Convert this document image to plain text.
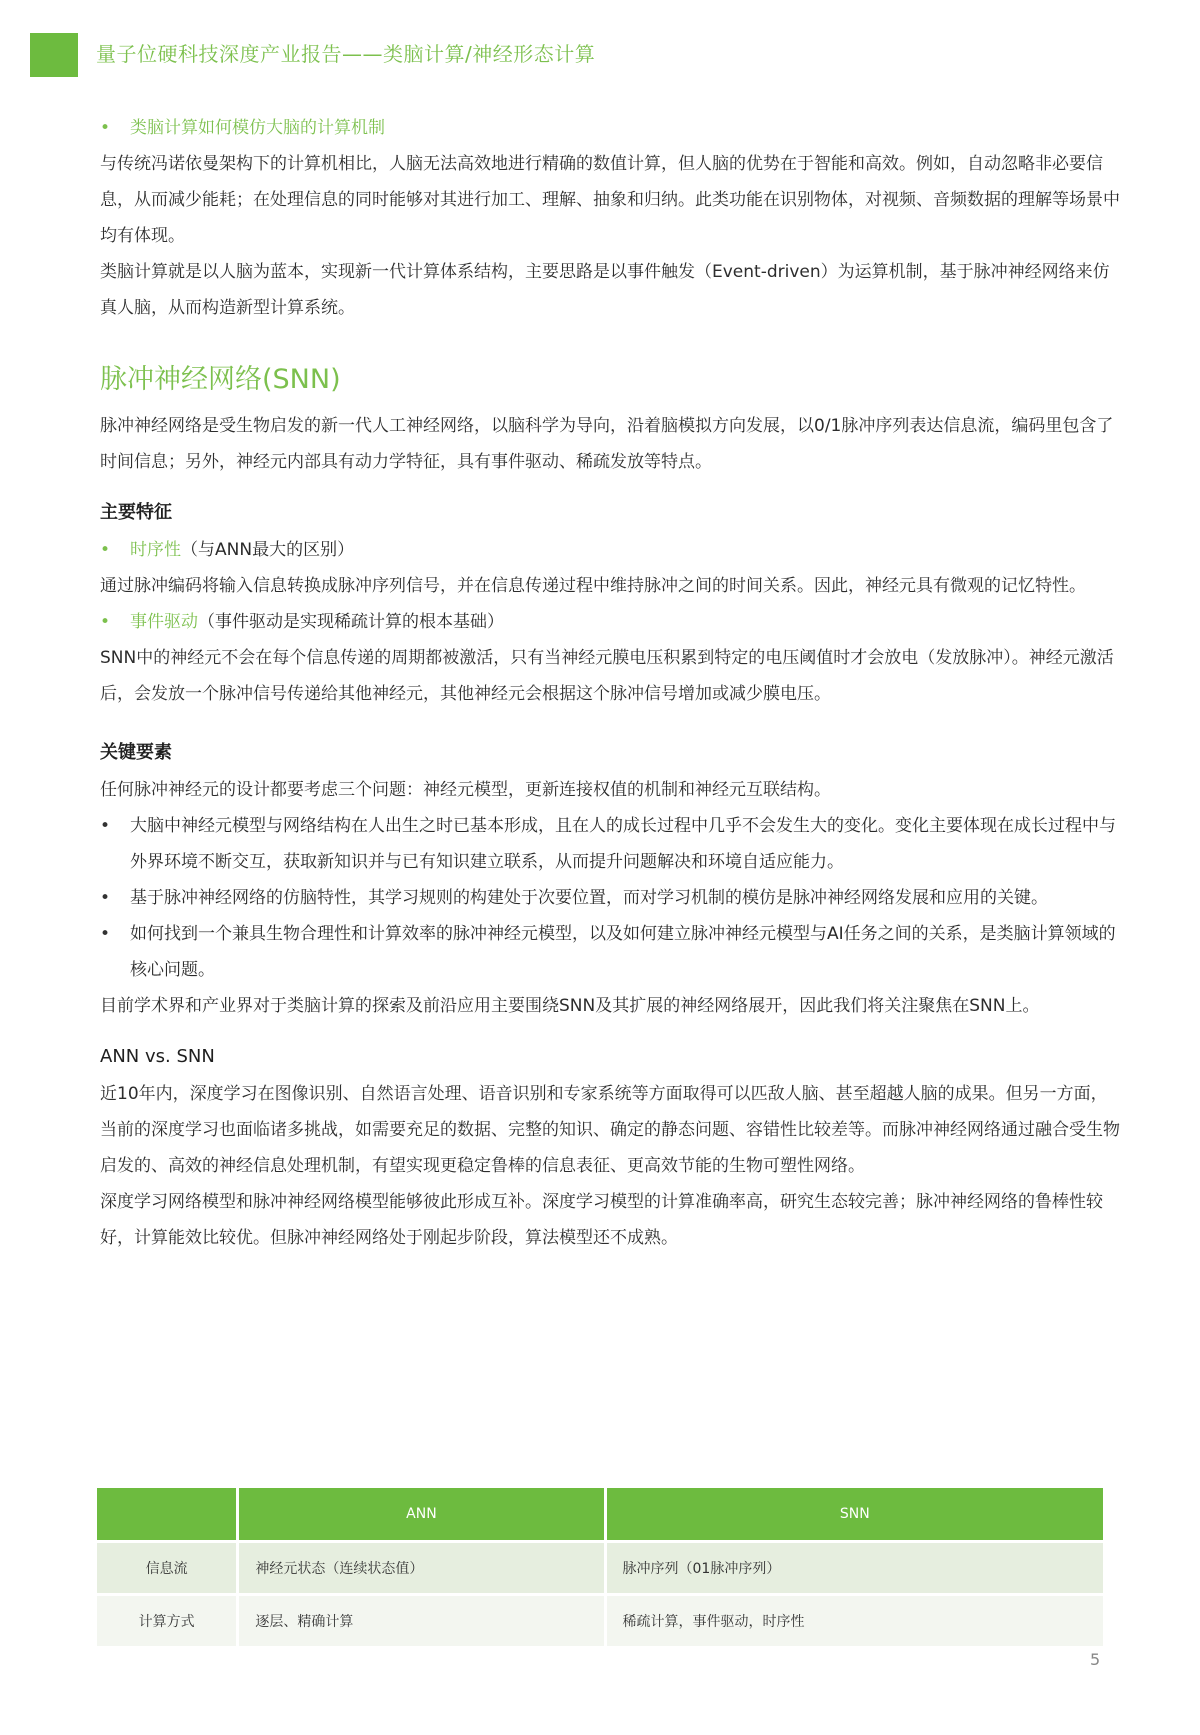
量子位硬科技深度产业报告——类脑计算/神经形态计算

•	类脑计算如何模仿大脑的计算机制

与传统冯诺依曼架构下的计算机相比，人脑无法高效地进行精确的数值计算，但人脑的优势在于智能和高效。例如，自动忽略非必要信息，从而减少能耗；在处理信息的同时能够对其进行加工、理解、抽象和归纳。此类功能在识别物体，对视频、音频数据的理解等场景中均有体现。

类脑计算就是以人脑为蓝本，实现新一代计算体系结构，主要思路是以事件触发（Event-driven）为运算机制，基于脉冲神经网络来仿真人脑，从而构造新型计算系统。

脉冲神经网络(SNN)

脉冲神经网络是受生物启发的新一代人工神经网络，以脑科学为导向，沿着脑模拟方向发展，以0/1脉冲序列表达信息流，编码里包含了时间信息；另外，神经元内部具有动力学特征，具有事件驱动、稀疏发放等特点。

主要特征

•	时序性（与ANN最大的区别）

通过脉冲编码将输入信息转换成脉冲序列信号，并在信息传递过程中维持脉冲之间的时间关系。因此，神经元具有微观的记忆特性。

•	事件驱动（事件驱动是实现稀疏计算的根本基础）

SNN中的神经元不会在每个信息传递的周期都被激活，只有当神经元膜电压积累到特定的电压阈值时才会放电（发放脉冲）。神经元激活后，会发放一个脉冲信号传递给其他神经元，其他神经元会根据这个脉冲信号增加或减少膜电压。

关键要素

任何脉冲神经元的设计都要考虑三个问题：神经元模型，更新连接权值的机制和神经元互联结构。

•	大脑中神经元模型与网络结构在人出生之时已基本形成，且在人的成长过程中几乎不会发生大的变化。变化主要体现在成长过程中与外界环境不断交互，获取新知识并与已有知识建立联系，从而提升问题解决和环境自适应能力。

•	基于脉冲神经网络的仿脑特性，其学习规则的构建处于次要位置，而对学习机制的模仿是脉冲神经网络发展和应用的关键。

•	如何找到一个兼具生物合理性和计算效率的脉冲神经元模型，以及如何建立脉冲神经元模型与AI任务之间的关系，是类脑计算领域的核心问题。

目前学术界和产业界对于类脑计算的探索及前沿应用主要围绕SNN及其扩展的神经网络展开，因此我们将关注聚焦在SNN上。

ANN vs. SNN

近10年内，深度学习在图像识别、自然语言处理、语音识别和专家系统等方面取得可以匹敌人脑、甚至超越人脑的成果。但另一方面，当前的深度学习也面临诸多挑战，如需要充足的数据、完整的知识、确定的静态问题、容错性比较差等。而脉冲神经网络通过融合受生物启发的、高效的神经信息处理机制，有望实现更稳定鲁棒的信息表征、更高效节能的生物可塑性网络。

深度学习网络模型和脉冲神经网络模型能够彼此形成互补。深度学习模型的计算准确率高，研究生态较完善；脉冲神经网络的鲁棒性较好，计算能效比较优。但脉冲神经网络处于刚起步阶段，算法模型还不成熟。

	ANN	SNN
信息流	神经元状态（连续状态值）	脉冲序列（01脉冲序列）
计算方式	逐层、精确计算	稀疏计算，事件驱动，时序性
5
